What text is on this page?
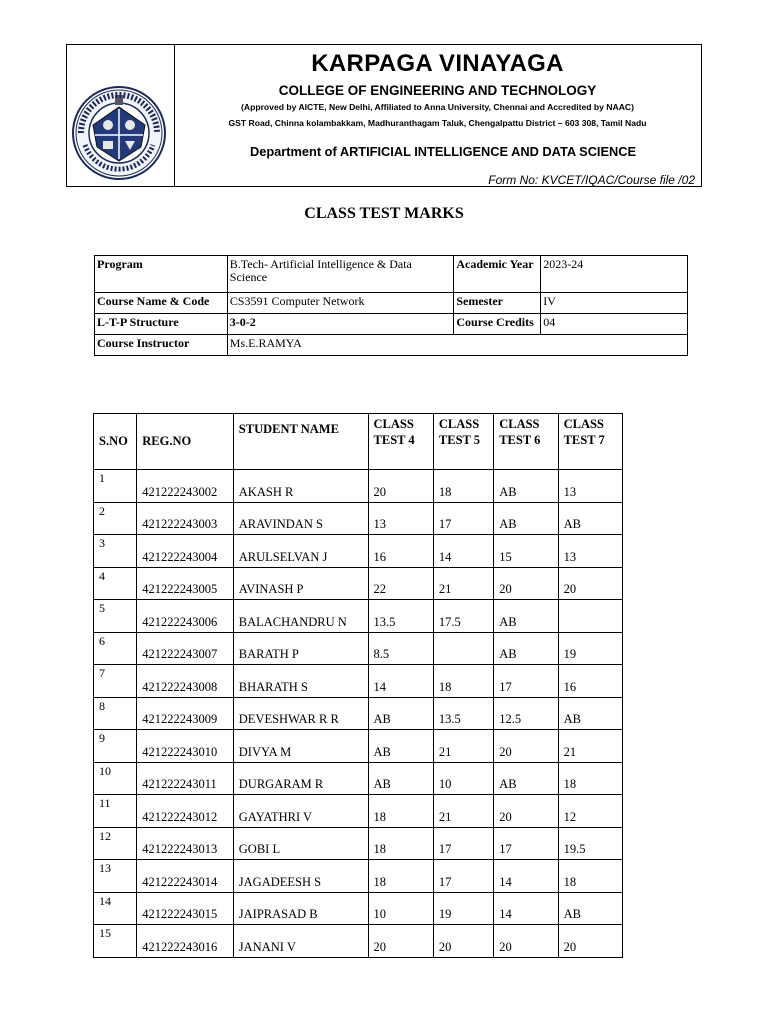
KARPAGA VINAYAGA
COLLEGE OF ENGINEERING AND TECHNOLOGY
(Approved by AICTE, New Delhi, Affiliated to Anna University, Chennai and Accredited by NAAC)
GST Road, Chinna kolambakkam, Madhuranthagam Taluk, Chengalpattu District – 603 308, Tamil Nadu
Department of ARTIFICIAL INTELLIGENCE AND DATA SCIENCE
Form No: KVCET/IQAC/Course file /02
CLASS TEST MARKS
Program	B.Tech- Artificial Intelligence & Data Science	Academic Year	2023-24
Course Name & Code	CS3591 Computer Network	Semester	IV
L-T-P Structure	3-0-2	Course Credits	04
Course Instructor	Ms.E.RAMYA		
S.NO	REG.NO	STUDENT NAME	CLASS TEST 4	CLASS TEST 5	CLASS TEST 6	CLASS TEST 7
1	421222243002	AKASH R	20	18	AB	13
2	421222243003	ARAVINDAN S	13	17	AB	AB
3	421222243004	ARULSELVAN J	16	14	15	13
4	421222243005	AVINASH P	22	21	20	20
5	421222243006	BALACHANDRU N	13.5	17.5	AB	
6	421222243007	BARATH P	8.5		AB	19
7	421222243008	BHARATH S	14	18	17	16
8	421222243009	DEVESHWAR R R	AB	13.5	12.5	AB
9	421222243010	DIVYA M	AB	21	20	21
10	421222243011	DURGARAM R	AB	10	AB	18
11	421222243012	GAYATHRI V	18	21	20	12
12	421222243013	GOBI L	18	17	17	19.5
13	421222243014	JAGADEESH S	18	17	14	18
14	421222243015	JAIPRASAD B	10	19	14	AB
15	421222243016	JANANI V	20	20	20	20
